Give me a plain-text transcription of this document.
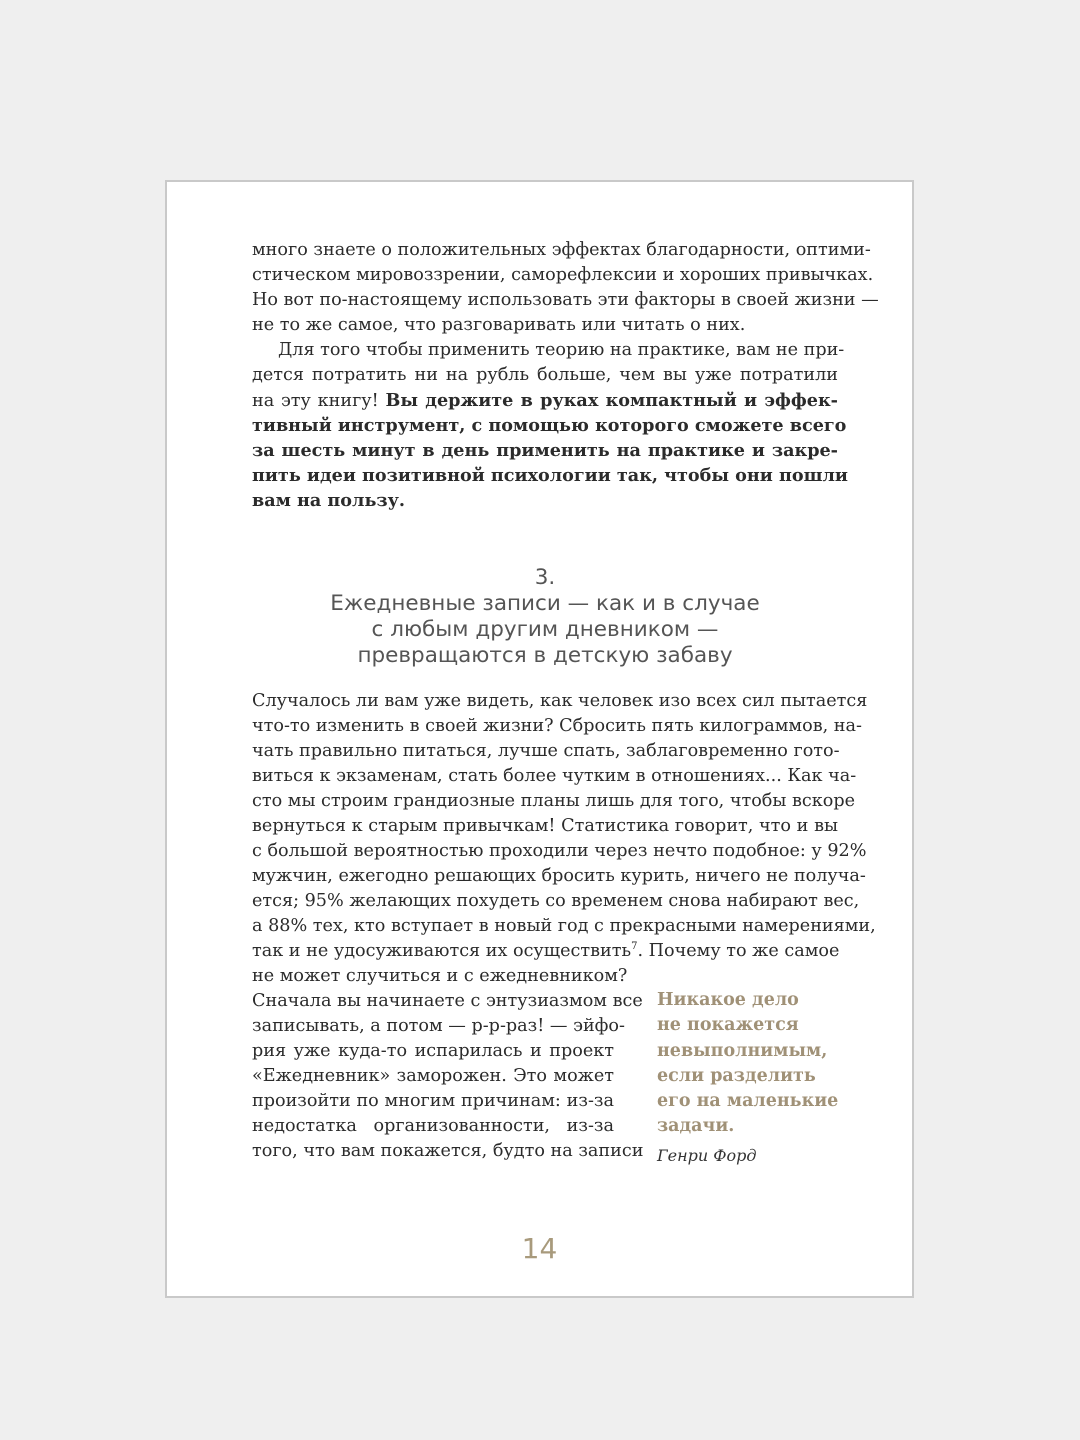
много знаете о положительных эффектах благодарности, оптими-
стическом мировоззрении, саморефлексии и хороших привычках.
Но вот по-настоящему использовать эти факторы в своей жизни —
не то же самое, что разговаривать или читать о них.
Для того чтобы применить теорию на практике, вам не при-
дется потратить ни на рубль больше, чем вы уже потратили
на эту книгу! Вы держите в руках компактный и эффек-
тивный инструмент, с помощью которого сможете всего
за шесть минут в день применить на практике и закре-
пить идеи позитивной психологии так, чтобы они пошли
вам на пользу.
3.
Ежедневные записи — как и в случае
с любым другим дневником —
превращаются в детскую забаву
Случалось ли вам уже видеть, как человек изо всех сил пытается
что-то изменить в своей жизни? Сбросить пять килограммов, на-
чать правильно питаться, лучше спать, заблаговременно гото-
виться к экзаменам, стать более чутким в отношениях... Как ча-
сто мы строим грандиозные планы лишь для того, чтобы вскоре
вернуться к старым привычкам! Статистика говорит, что и вы
с большой вероятностью проходили через нечто подобное: у 92%
мужчин, ежегодно решающих бросить курить, ничего не получа-
ется; 95% желающих похудеть со временем снова набирают вес,
а 88% тех, кто вступает в новый год с прекрасными намерениями,
так и не удосуживаются их осуществить$^7$. Почему то же самое
не может случиться и с ежедневником?
Сначала вы начинаете с энтузиазмом все
записывать, а потом — р-р-раз! — эйфо-
рия уже куда-то испарилась и проект
«Ежедневник» заморожен. Это может
произойти по многим причинам: из-за
недостатка организованности, из-за
того, что вам покажется, будто на записи
Никакое дело
не покажется
невыполнимым,
если разделить
его на маленькие
задачи.
Генри Форд
14
